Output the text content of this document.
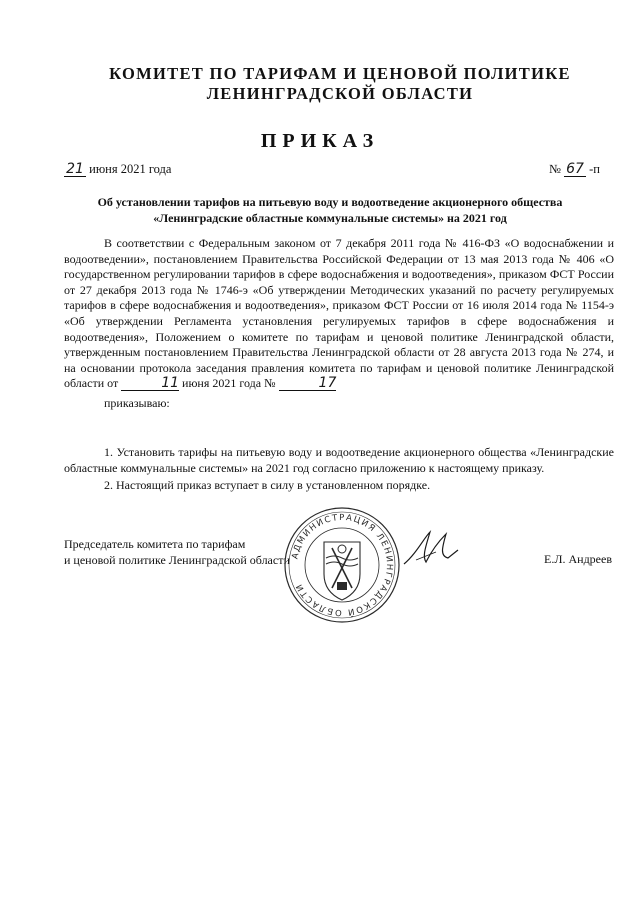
КОМИТЕТ ПО ТАРИФАМ И ЦЕНОВОЙ ПОЛИТИКЕ
ЛЕНИНГРАДСКОЙ ОБЛАСТИ
ПРИКАЗ
21 июня 2021 года	№ 67 -п
Об установлении тарифов на питьевую воду и водоотведение акционерного общества
«Ленинградские областные коммунальные системы» на 2021 год

В соответствии с Федеральным законом от 7 декабря 2011 года № 416-ФЗ «О водоснабжении и водоотведении», постановлением Правительства Российской Федерации от 13 мая 2013 года № 406 «О государственном регулировании тарифов в сфере водоснабжения и водоотведения», приказом ФСТ России от 27 декабря 2013 года № 1746-э «Об утверждении Методических указаний по расчету регулируемых тарифов в сфере водоснабжения и водоотведения», приказом ФСТ России от 16 июля 2014 года № 1154-э «Об утверждении Регламента установления регулируемых тарифов в сфере водоснабжения и водоотведения», Положением о комитете по тарифам и ценовой политике Ленинградской области, утвержденным постановлением Правительства Ленинградской области от 28 августа 2013 года № 274, и на основании протокола заседания правления комитета по тарифам и ценовой политике Ленинградской области от	11 июня 2021 года №	17

приказываю:

1. Установить тарифы на питьевую воду и водоотведение акционерного общества «Ленинградские областные коммунальные системы» на 2021 год согласно приложению к настоящему приказу.

2. Настоящий приказ вступает в силу в установленном порядке.

Председатель комитета по тарифам
и ценовой политике Ленинградской области АДМИНИСТРАЦИЯ ЛЕНИНГРАДСКОЙ ОБЛАСТИ
Е.Л. Андреев
